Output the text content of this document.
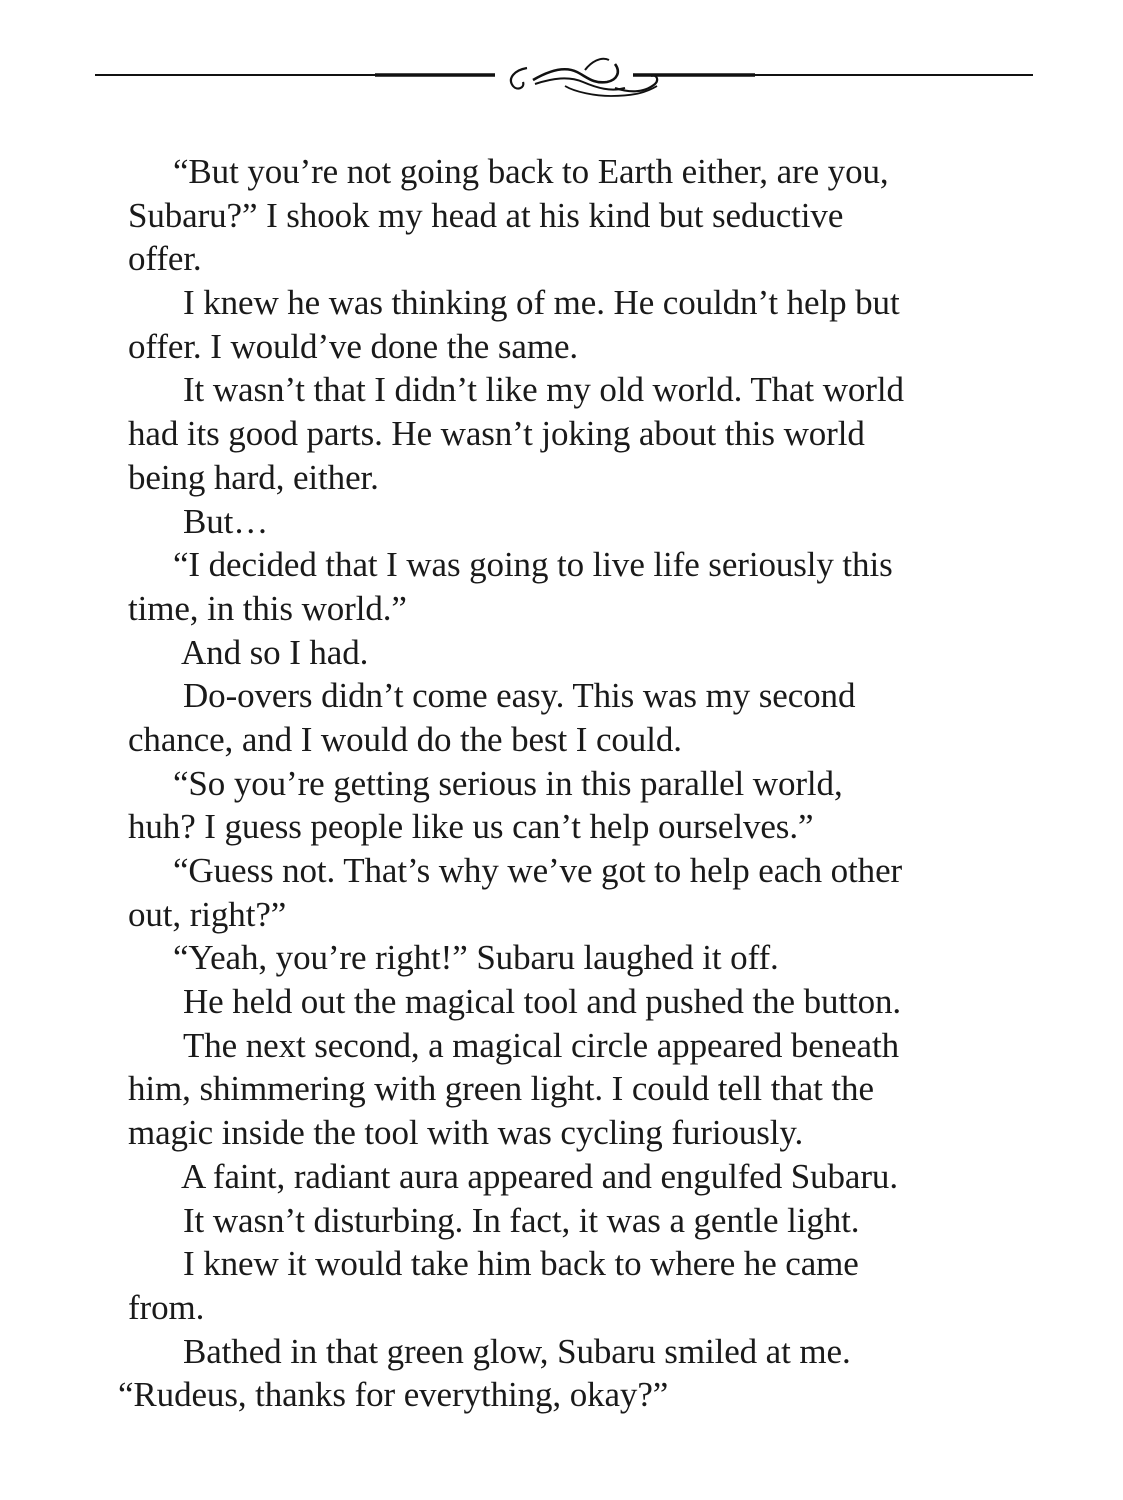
“But you’re not going back to Earth either, are you,
Subaru?” I shook my head at his kind but seductive
offer.
I knew he was thinking of me. He couldn’t help but
offer. I would’ve done the same.
It wasn’t that I didn’t like my old world. That world
had its good parts. He wasn’t joking about this world
being hard, either.
But…
“I decided that I was going to live life seriously this
time, in this world.”
And so I had.
Do-overs didn’t come easy. This was my second
chance, and I would do the best I could.
“So you’re getting serious in this parallel world,
huh? I guess people like us can’t help ourselves.”
“Guess not. That’s why we’ve got to help each other
out, right?”
“Yeah, you’re right!” Subaru laughed it off.
He held out the magical tool and pushed the button.
The next second, a magical circle appeared beneath
him, shimmering with green light. I could tell that the
magic inside the tool with was cycling furiously.
A faint, radiant aura appeared and engulfed Subaru.
It wasn’t disturbing. In fact, it was a gentle light.
I knew it would take him back to where he came
from.
Bathed in that green glow, Subaru smiled at me.
“Rudeus, thanks for everything, okay?”
